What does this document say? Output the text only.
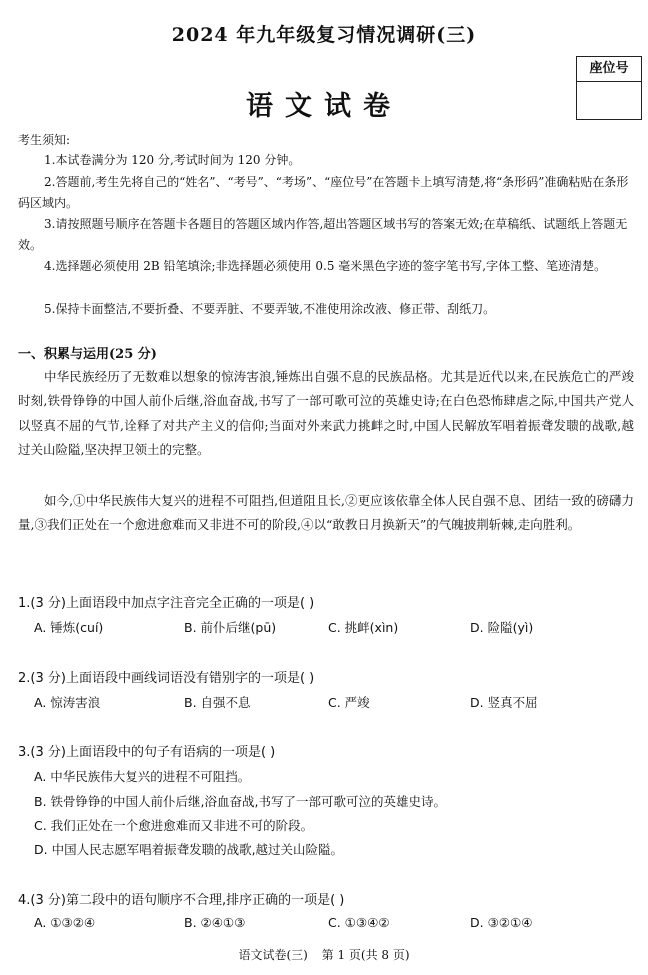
2024 年九年级复习情况调研(三)
座位号
语文试卷
考生须知:
1.本试卷满分为 120 分,考试时间为 120 分钟。
2.答题前,考生先将自己的“姓名”、“考号”、“考场”、“座位号”在答题卡上填写清楚,将“条形码”准确粘贴在条形码区域内。
3.请按照题号顺序在答题卡各题目的答题区域内作答,超出答题区域书写的答案无效;在草稿纸、试题纸上答题无效。
4.选择题必须使用 2B 铅笔填涂;非选择题必须使用 0.5 毫米黑色字迹的签字笔书写,字体工整、笔迹清楚。
5.保持卡面整洁,不要折叠、不要弄脏、不要弄皱,不准使用涂改液、修正带、刮纸刀。
一、积累与运用(25 分)
中华民族经历了无数难以想象的惊涛害浪,锤炼出自强不息的民族品格。尤其是近代以来,在民族危亡的严竣时刻,铁骨铮铮的中国人前仆后继,浴血奋战,书写了一部可歌可泣的英雄史诗;在白色恐怖肆虐之际,中国共产党人以竖真不屈的气节,诠释了对共产主义的信仰;当面对外来武力挑衅之时,中国人民解放军唱着振聋发聩的战歌,越过关山险隘,坚决捍卫领土的完整。
如今,①中华民族伟大复兴的进程不可阻挡,但道阻且长,②更应该依靠全体人民自强不息、团结一致的磅礴力量,③我们正处在一个愈进愈难而又非进不可的阶段,④以“敢教日月换新天”的气魄披荆斩棘,走向胜利。
1.(3 分)上面语段中加点字注音完全正确的一项是( )
A. 锤炼(cuí)	B. 前仆后继(pū)	C. 挑衅(xìn)	D. 险隘(yì)
2.(3 分)上面语段中画线词语没有错别字的一项是( )
A. 惊涛害浪	B. 自强不息	C. 严竣	D. 竖真不屈
3.(3 分)上面语段中的句子有语病的一项是( )
A. 中华民族伟大复兴的进程不可阻挡。
B. 铁骨铮铮的中国人前仆后继,浴血奋战,书写了一部可歌可泣的英雄史诗。
C. 我们正处在一个愈进愈难而又非进不可的阶段。
D. 中国人民志愿军唱着振聋发聩的战歌,越过关山险隘。
4.(3 分)第二段中的语句顺序不合理,排序正确的一项是( )
A. ①③②④	B. ②④①③	C. ①③④②	D. ③②①④
语文试卷(三) 第 1 页(共 8 页)
